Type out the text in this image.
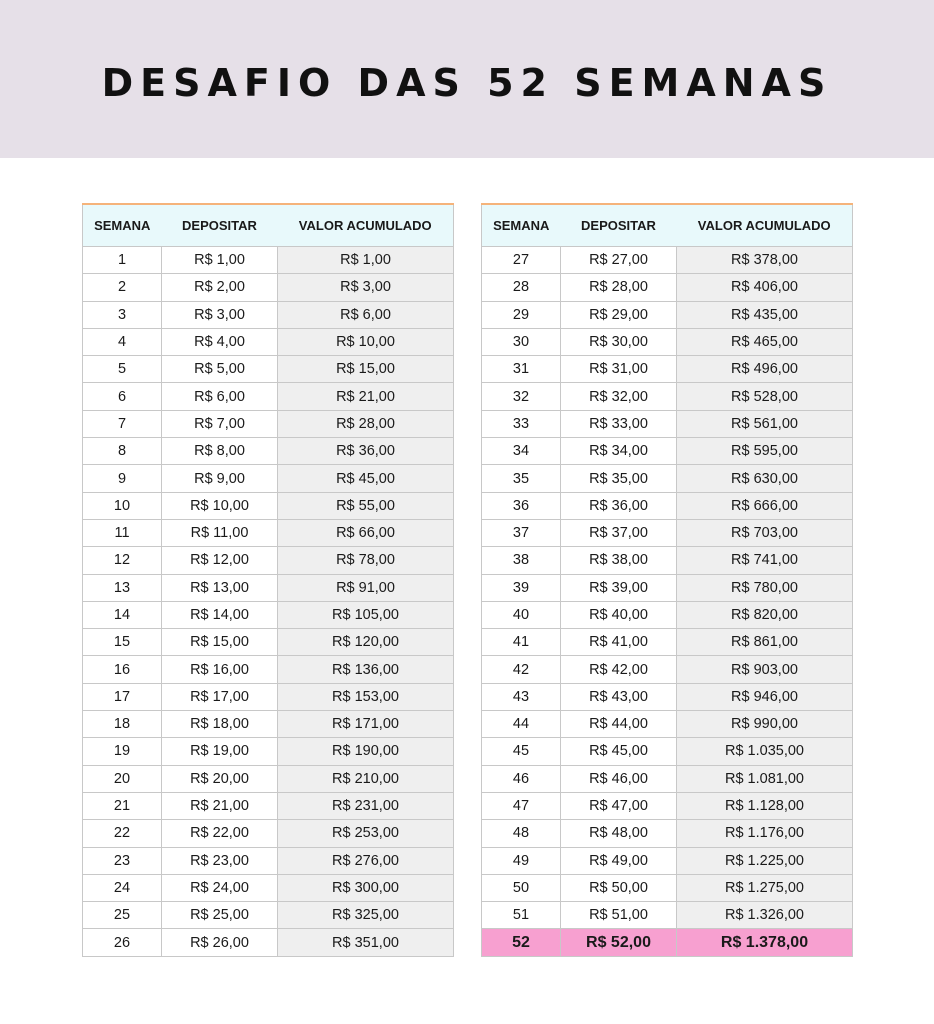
DESAFIO DAS 52 SEMANAS
SEMANA	DEPOSITAR	VALOR ACUMULADO
1	R$ 1,00	R$ 1,00
2	R$ 2,00	R$ 3,00
3	R$ 3,00	R$ 6,00
4	R$ 4,00	R$ 10,00
5	R$ 5,00	R$ 15,00
6	R$ 6,00	R$ 21,00
7	R$ 7,00	R$ 28,00
8	R$ 8,00	R$ 36,00
9	R$ 9,00	R$ 45,00
10	R$ 10,00	R$ 55,00
11	R$ 11,00	R$ 66,00
12	R$ 12,00	R$ 78,00
13	R$ 13,00	R$ 91,00
14	R$ 14,00	R$ 105,00
15	R$ 15,00	R$ 120,00
16	R$ 16,00	R$ 136,00
17	R$ 17,00	R$ 153,00
18	R$ 18,00	R$ 171,00
19	R$ 19,00	R$ 190,00
20	R$ 20,00	R$ 210,00
21	R$ 21,00	R$ 231,00
22	R$ 22,00	R$ 253,00
23	R$ 23,00	R$ 276,00
24	R$ 24,00	R$ 300,00
25	R$ 25,00	R$ 325,00
26	R$ 26,00	R$ 351,00
SEMANA	DEPOSITAR	VALOR ACUMULADO
27	R$ 27,00	R$ 378,00
28	R$ 28,00	R$ 406,00
29	R$ 29,00	R$ 435,00
30	R$ 30,00	R$ 465,00
31	R$ 31,00	R$ 496,00
32	R$ 32,00	R$ 528,00
33	R$ 33,00	R$ 561,00
34	R$ 34,00	R$ 595,00
35	R$ 35,00	R$ 630,00
36	R$ 36,00	R$ 666,00
37	R$ 37,00	R$ 703,00
38	R$ 38,00	R$ 741,00
39	R$ 39,00	R$ 780,00
40	R$ 40,00	R$ 820,00
41	R$ 41,00	R$ 861,00
42	R$ 42,00	R$ 903,00
43	R$ 43,00	R$ 946,00
44	R$ 44,00	R$ 990,00
45	R$ 45,00	R$ 1.035,00
46	R$ 46,00	R$ 1.081,00
47	R$ 47,00	R$ 1.128,00
48	R$ 48,00	R$ 1.176,00
49	R$ 49,00	R$ 1.225,00
50	R$ 50,00	R$ 1.275,00
51	R$ 51,00	R$ 1.326,00
52	R$ 52,00	R$ 1.378,00
